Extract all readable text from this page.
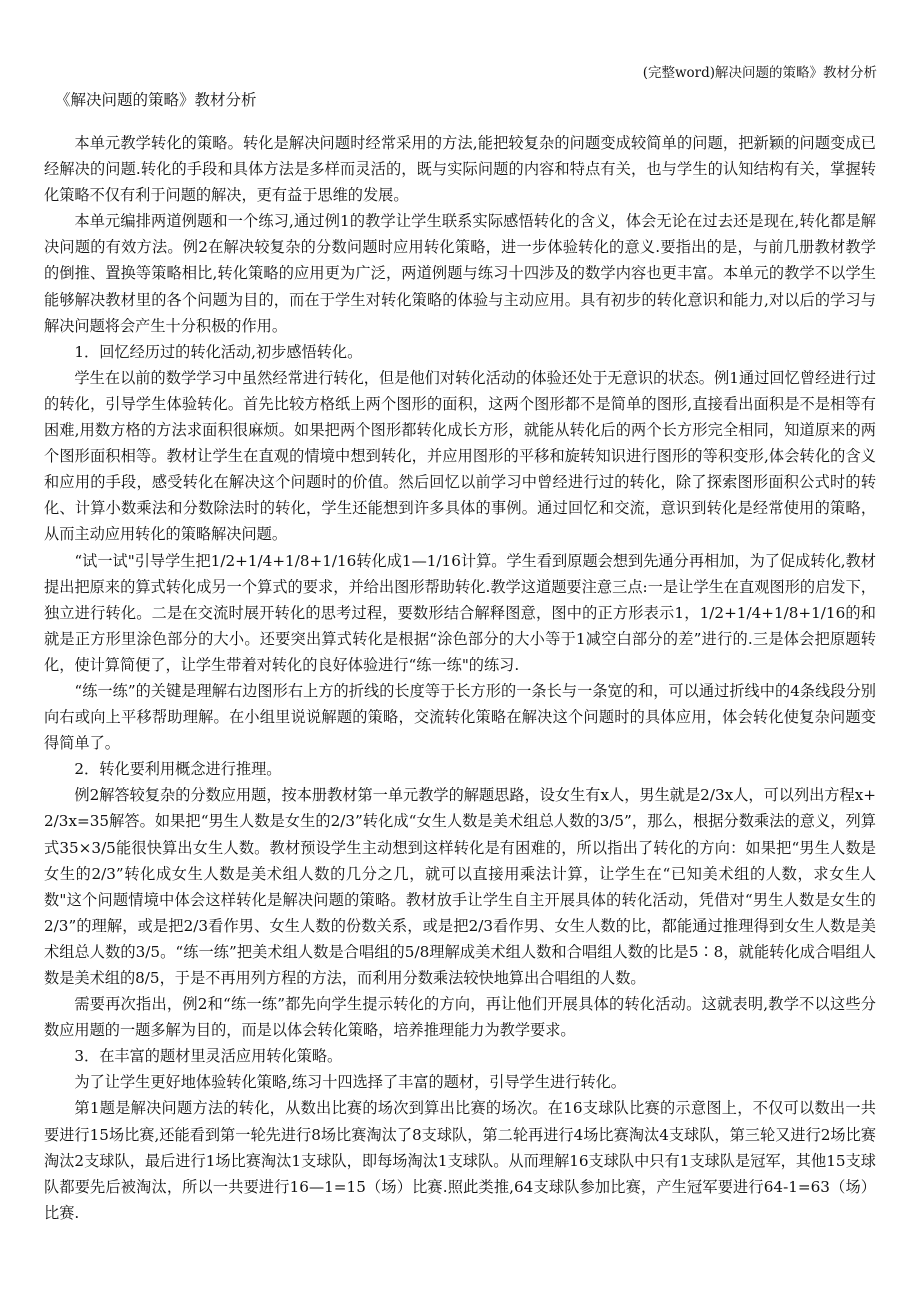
(完整word)解决问题的策略》教材分析
《解决问题的策略》教材分析

本单元教学转化的策略。转化是解决问题时经常采用的方法,能把较复杂的问题变成较简单的问题，把新颖的问题变成已经解决的问题.转化的手段和具体方法是多样而灵活的，既与实际问题的内容和特点有关，也与学生的认知结构有关，掌握转化策略不仅有利于问题的解决，更有益于思维的发展。

本单元编排两道例题和一个练习,通过例1的教学让学生联系实际感悟转化的含义，体会无论在过去还是现在,转化都是解决问题的有效方法。例2在解决较复杂的分数问题时应用转化策略，进一步体验转化的意义.要指出的是，与前几册教材教学的倒推、置换等策略相比,转化策略的应用更为广泛，两道例题与练习十四涉及的数学内容也更丰富。本单元的教学不以学生能够解决教材里的各个问题为目的，而在于学生对转化策略的体验与主动应用。具有初步的转化意识和能力,对以后的学习与解决问题将会产生十分积极的作用。

1．回忆经历过的转化活动,初步感悟转化。

学生在以前的数学学习中虽然经常进行转化，但是他们对转化活动的体验还处于无意识的状态。例1通过回忆曾经进行过的转化，引导学生体验转化。首先比较方格纸上两个图形的面积，这两个图形都不是简单的图形,直接看出面积是不是相等有困难,用数方格的方法求面积很麻烦。如果把两个图形都转化成长方形，就能从转化后的两个长方形完全相同，知道原来的两个图形面积相等。教材让学生在直观的情境中想到转化，并应用图形的平移和旋转知识进行图形的等积变形,体会转化的含义和应用的手段，感受转化在解决这个问题时的价值。然后回忆以前学习中曾经进行过的转化，除了探索图形面积公式时的转化、计算小数乘法和分数除法时的转化，学生还能想到许多具体的事例。通过回忆和交流，意识到转化是经常使用的策略，从而主动应用转化的策略解决问题。

“试一试"引导学生把1/2+1/4+1/8+1/16转化成1—1/16计算。学生看到原题会想到先通分再相加，为了促成转化,教材提出把原来的算式转化成另一个算式的要求，并给出图形帮助转化.教学这道题要注意三点:一是让学生在直观图形的启发下，独立进行转化。二是在交流时展开转化的思考过程，要数形结合解释图意，图中的正方形表示1，1/2+1/4+1/8+1/16的和就是正方形里涂色部分的大小。还要突出算式转化是根据“涂色部分的大小等于1减空白部分的差”进行的.三是体会把原题转化，使计算简便了，让学生带着对转化的良好体验进行“练一练"的练习.

“练一练”的关键是理解右边图形右上方的折线的长度等于长方形的一条长与一条宽的和，可以通过折线中的4条线段分别向右或向上平移帮助理解。在小组里说说解题的策略，交流转化策略在解决这个问题时的具体应用，体会转化使复杂问题变得简单了。

2．转化要利用概念进行推理。

例2解答较复杂的分数应用题，按本册教材第一单元教学的解题思路，设女生有x人，男生就是2/3x人，可以列出方程x+2/3x=35解答。如果把“男生人数是女生的2/3”转化成“女生人数是美术组总人数的3/5”，那么，根据分数乘法的意义，列算式35×3/5能很快算出女生人数。教材预设学生主动想到这样转化是有困难的，所以指出了转化的方向：如果把“男生人数是女生的2/3”转化成女生人数是美术组人数的几分之几，就可以直接用乘法计算，让学生在“已知美术组的人数，求女生人数"这个问题情境中体会这样转化是解决问题的策略。教材放手让学生自主开展具体的转化活动，凭借对“男生人数是女生的2/3”的理解，或是把2/3看作男、女生人数的份数关系，或是把2/3看作男、女生人数的比，都能通过推理得到女生人数是美术组总人数的3/5。“练一练”把美术组人数是合唱组的5/8理解成美术组人数和合唱组人数的比是5∶8，就能转化成合唱组人数是美术组的8/5，于是不再用列方程的方法，而利用分数乘法较快地算出合唱组的人数。

需要再次指出，例2和“练一练”都先向学生提示转化的方向，再让他们开展具体的转化活动。这就表明,教学不以这些分数应用题的一题多解为目的，而是以体会转化策略，培养推理能力为教学要求。

3．在丰富的题材里灵活应用转化策略。

为了让学生更好地体验转化策略,练习十四选择了丰富的题材，引导学生进行转化。

第1题是解决问题方法的转化，从数出比赛的场次到算出比赛的场次。在16支球队比赛的示意图上，不仅可以数出一共要进行15场比赛,还能看到第一轮先进行8场比赛淘汰了8支球队，第二轮再进行4场比赛淘汰4支球队，第三轮又进行2场比赛淘汰2支球队，最后进行1场比赛淘汰1支球队，即每场淘汰1支球队。从而理解16支球队中只有1支球队是冠军，其他15支球队都要先后被淘汰，所以一共要进行16—1=15（场）比赛.照此类推,64支球队参加比赛，产生冠军要进行64-1=63（场）比赛.
